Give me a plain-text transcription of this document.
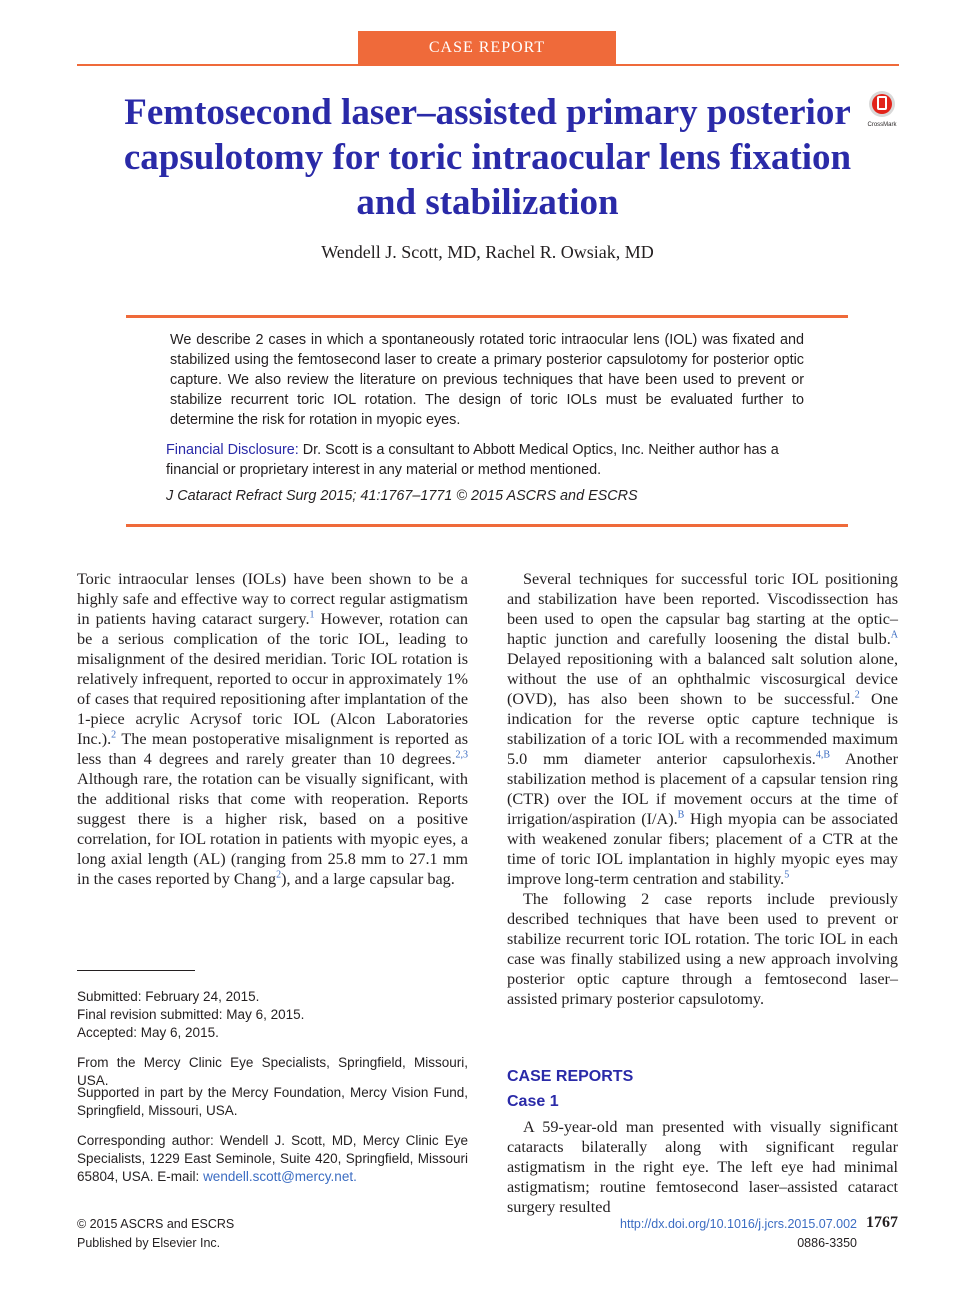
CASE REPORT
Femtosecond laser–assisted primary posterior capsulotomy for toric intraocular lens fixation and stabilization
CrossMark
Wendell J. Scott, MD, Rachel R. Owsiak, MD
We describe 2 cases in which a spontaneously rotated toric intraocular lens (IOL) was fixated and stabilized using the femtosecond laser to create a primary posterior capsulotomy for posterior optic capture. We also review the literature on previous techniques that have been used to prevent or stabilize recurrent toric IOL rotation. The design of toric IOLs must be evaluated further to determine the risk for rotation in myopic eyes.
Financial Disclosure: Dr. Scott is a consultant to Abbott Medical Optics, Inc. Neither author has a financial or proprietary interest in any material or method mentioned.
J Cataract Refract Surg 2015; 41:1767–1771 © 2015 ASCRS and ESCRS

Toric intraocular lenses (IOLs) have been shown to be a highly safe and effective way to correct regular astigmatism in patients having cataract surgery.$^1$ However, rotation can be a serious complication of the toric IOL, leading to misalignment of the desired meridian. Toric IOL rotation is relatively infrequent, reported to occur in approximately 1% of cases that required repositioning after implantation of the 1-piece acrylic Acrysof toric IOL (Alcon Laboratories Inc.).$^2$ The mean postoperative misalignment is reported as less than 4 degrees and rarely greater than 10 degrees.$^{2,3}$ Although rare, the rotation can be visually significant, with the additional risks that come with reoperation. Reports suggest there is a higher risk, based on a positive correlation, for IOL rotation in patients with myopic eyes, a long axial length (AL) (ranging from 25.8 mm to 27.1 mm in the cases reported by Chang$^2$), and a large capsular bag.

Submitted: February 24, 2015.

Final revision submitted: May 6, 2015.

Accepted: May 6, 2015.

From the Mercy Clinic Eye Specialists, Springfield, Missouri, USA.
Supported in part by the Mercy Foundation, Mercy Vision Fund, Springfield, Missouri, USA.
Corresponding author: Wendell J. Scott, MD, Mercy Clinic Eye Specialists, 1229 East Seminole, Suite 420, Springfield, Missouri 65804, USA. E-mail: wendell.scott@mercy.net.

Several techniques for successful toric IOL positioning and stabilization have been reported. Viscodissection has been used to open the capsular bag starting at the optic–haptic junction and carefully loosening the distal bulb.$^A$ Delayed repositioning with a balanced salt solution alone, without the use of an ophthalmic viscosurgical device (OVD), has also been shown to be successful.$^2$ One indication for the reverse optic capture technique is stabilization of a toric IOL with a recommended maximum 5.0 mm diameter anterior capsulorhexis.$^{4,B}$ Another stabilization method is placement of a capsular tension ring (CTR) over the IOL if movement occurs at the time of irrigation/aspiration (I/A).$^B$ High myopia can be associated with weakened zonular fibers; placement of a CTR at the time of toric IOL implantation in highly myopic eyes may improve long-term centration and stability.$^5$

The following 2 case reports include previously described techniques that have been used to prevent or stabilize recurrent toric IOL rotation. The toric IOL in each case was finally stabilized using a new approach involving posterior optic capture through a femtosecond laser–assisted primary posterior capsulotomy.

CASE REPORTS
Case 1
A 59-year-old man presented with visually significant cataracts bilaterally along with significant regular astigmatism in the right eye. The left eye had minimal astigmatism; routine femtosecond laser–assisted cataract surgery resulted
© 2015 ASCRS and ESCRS
Published by Elsevier Inc.
http://dx.doi.org/10.1016/j.jcrs.2015.07.002 1767
0886-3350
